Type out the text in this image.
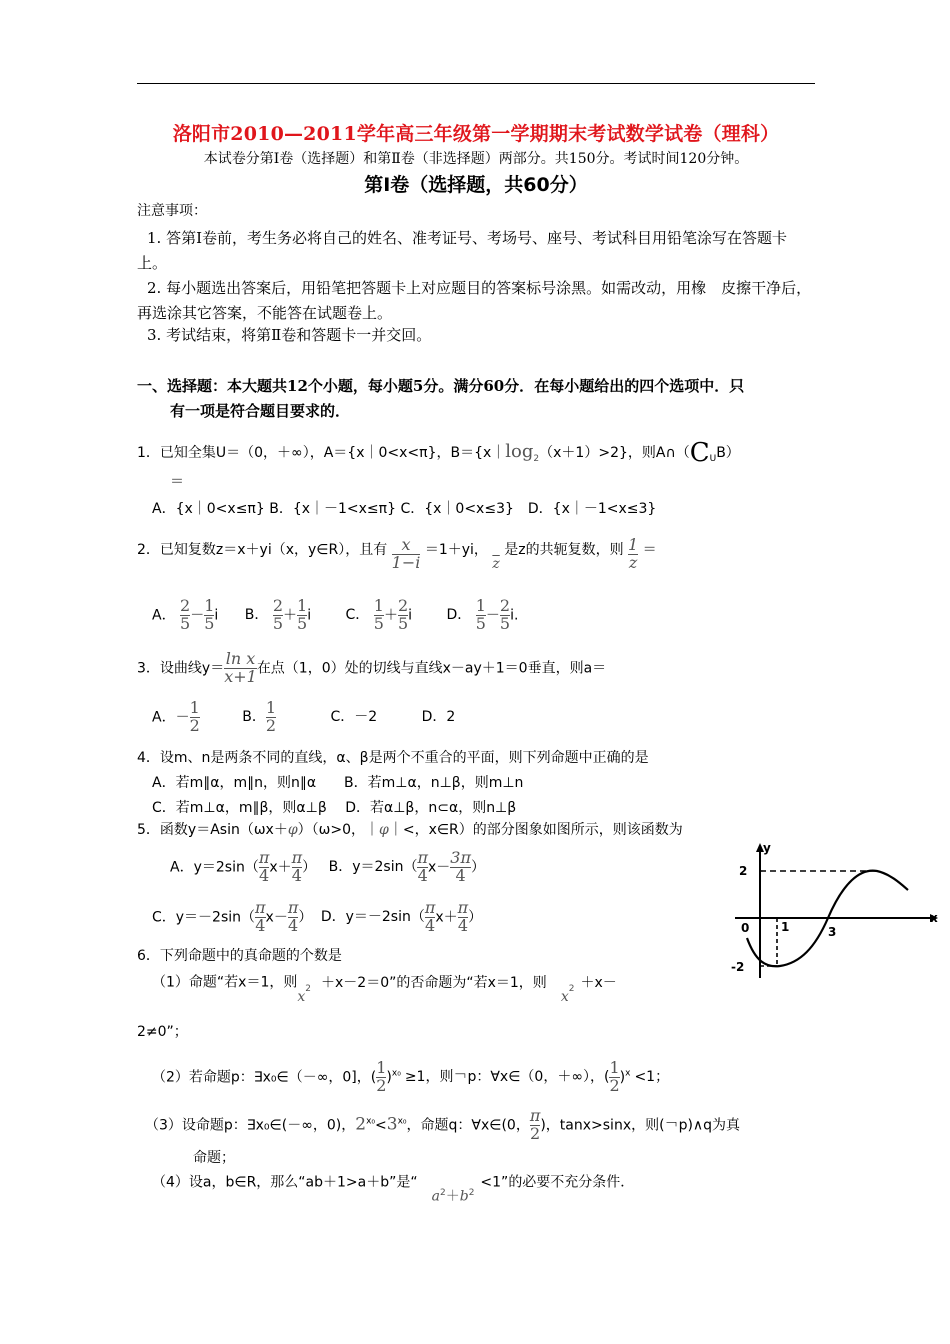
洛阳市2010—2011学年高三年级第一学期期末考试数学试卷（理科）
本试卷分第Ⅰ卷（选择题）和第Ⅱ卷（非选择题）两部分。共150分。考试时间120分钟。
第Ⅰ卷（选择题，共60分）
注意事项：
1. 答第Ⅰ卷前，考生务必将自己的姓名、准考证号、考场号、座号、考试科目用铅笔涂写在答题卡上。
2. 每小题选出答案后，用铅笔把答题卡上对应题目的答案标号涂黑。如需改动，用橡　皮擦干净后，再选涂其它答案，不能答在试题卷上。
3. 考试结束，将第Ⅱ卷和答题卡一并交回。
一、选择题：本大题共12个小题，每小题5分。满分60分．在每小题给出的四个选项中．只
有一项是符合题目要求的．
1．已知全集U＝（0，＋∞），A＝{x｜0<x<π}，$B=\{x|\log_2(x+1)>2\}$，则$A\cap(C_UB)$
＝
A．{x｜0<x≤π} B．{x｜－1<x≤π} C．{x｜0<x≤3}　D．{x｜－1<x≤3}
2．已知复数z＝x＋yi（x，y∈R），且有 $\frac{x}{1-i} =1+yi$， $\overline{z}$ 是z的共轭复数，则 $\frac{1}{z}$ ＝
A． $\frac{2}{5} - \frac{1}{5}$ i B． $\frac{2}{5} + \frac{1}{5}$ i C． $\frac{1}{5} + \frac{2}{5}$ i D． $\frac{1}{5} - \frac{2}{5} i$.
3．设曲线$y= \frac{\text{ln x}}{x+1}$ 在点（1，0）处的切线与直线x－ay＋1＝0垂直，则a＝
A．－ $\frac{1}{2}$	B． $\frac{1}{2}$	C．－2	D．2
4．设m、n是两条不同的直线，α、β是两个不重合的平面，则下列命题中正确的是
A．若m∥α，m∥n，则n∥α　　B．若m⊥α，n⊥β，则m⊥n
C．若m⊥α，m∥β，则α⊥β　 D．若α⊥β，n⊂α，则n⊥β
5．函数y＝Asin（ωx＋φ）（ω>0，｜φ｜<，x∈R）的部分图象如图所示，则该函数为
A．$y=2\sin( \frac{\pi}{4} x+ \frac{\pi}{4}$ ） B．$y=2\sin( \frac{\pi}{4} x- \frac{3\pi}{4}$ ）
C．$y=-2\sin( \frac{\pi}{4} x- \frac{\pi}{4}$ ） D．$y=-2\sin( \frac{\pi}{4} x+ \frac{\pi}{4}$ ）
y
x
2
-2
0	1	3
6．下列命题中的真命题的个数是
（1）命题“若x＝1，则$x^2 +x-2=0$”的否命题为“若x＝1，则$x^2 +x-$
2≠0”；
（2）若命题p：∃x₀∈（－∞，0]，( $\frac{1}{2} )^{x_0} \ge 1$，则￢p：∀x∈（0，＋∞），( $\frac{1}{2} )^x <1$；
（3）设命题p：∃x₀∈(－∞，0)，$2^{x_0}<3^{x_0}$，命题q：∀x∈(0， $\frac{\pi}{2}$ )，tanx>sinx，则(￢p)∧q为真
命题；
（4）设a，b∈R，那么“ab＋1>a＋b”是“$a^2+b^2<1$”的必要不充分条件．
